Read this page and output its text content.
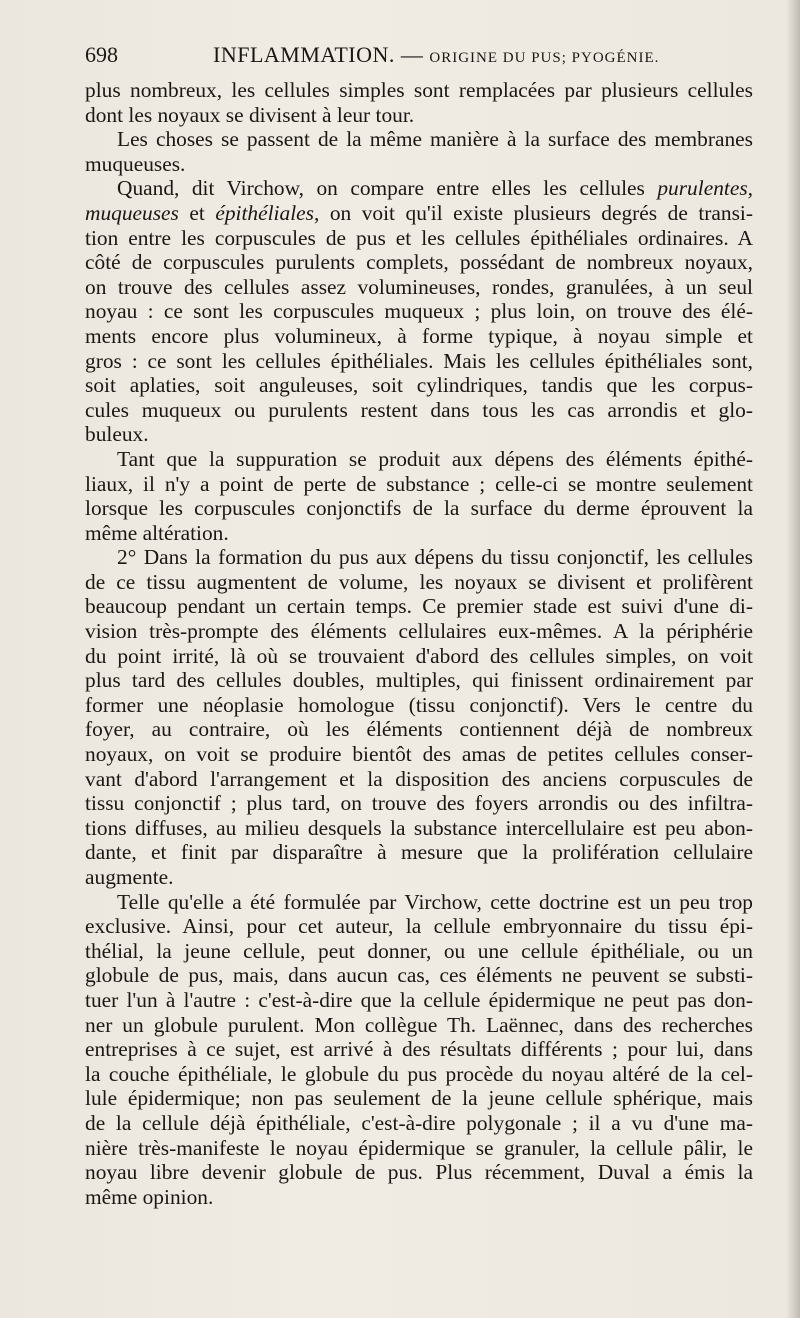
698	INFLAMMATION. — ORIGINE DU PUS; PYOGÉNIE.
plus nombreux, les cellules simples sont remplacées par plusieurs cellules
dont les noyaux se divisent à leur tour.
Les choses se passent de la même manière à la surface des membranes
muqueuses.
Quand, dit Virchow, on compare entre elles les cellules purulentes,
muqueuses et épithéliales, on voit qu'il existe plusieurs degrés de transi-
tion entre les corpuscules de pus et les cellules épithéliales ordinaires. A
côté de corpuscules purulents complets, possédant de nombreux noyaux,
on trouve des cellules assez volumineuses, rondes, granulées, à un seul
noyau : ce sont les corpuscules muqueux ; plus loin, on trouve des élé-
ments encore plus volumineux, à forme typique, à noyau simple et
gros : ce sont les cellules épithéliales. Mais les cellules épithéliales sont,
soit aplaties, soit anguleuses, soit cylindriques, tandis que les corpus-
cules muqueux ou purulents restent dans tous les cas arrondis et glo-
buleux.
Tant que la suppuration se produit aux dépens des éléments épithé-
liaux, il n'y a point de perte de substance ; celle-ci se montre seulement
lorsque les corpuscules conjonctifs de la surface du derme éprouvent la
même altération.
2° Dans la formation du pus aux dépens du tissu conjonctif, les cellules
de ce tissu augmentent de volume, les noyaux se divisent et prolifèrent
beaucoup pendant un certain temps. Ce premier stade est suivi d'une di-
vision très-prompte des éléments cellulaires eux-mêmes. A la périphérie
du point irrité, là où se trouvaient d'abord des cellules simples, on voit
plus tard des cellules doubles, multiples, qui finissent ordinairement par
former une néoplasie homologue (tissu conjonctif). Vers le centre du
foyer, au contraire, où les éléments contiennent déjà de nombreux
noyaux, on voit se produire bientôt des amas de petites cellules conser-
vant d'abord l'arrangement et la disposition des anciens corpuscules de
tissu conjonctif ; plus tard, on trouve des foyers arrondis ou des infiltra-
tions diffuses, au milieu desquels la substance intercellulaire est peu abon-
dante, et finit par disparaître à mesure que la prolifération cellulaire
augmente.
Telle qu'elle a été formulée par Virchow, cette doctrine est un peu trop
exclusive. Ainsi, pour cet auteur, la cellule embryonnaire du tissu épi-
thélial, la jeune cellule, peut donner, ou une cellule épithéliale, ou un
globule de pus, mais, dans aucun cas, ces éléments ne peuvent se substi-
tuer l'un à l'autre : c'est-à-dire que la cellule épidermique ne peut pas don-
ner un globule purulent. Mon collègue Th. Laënnec, dans des recherches
entreprises à ce sujet, est arrivé à des résultats différents ; pour lui, dans
la couche épithéliale, le globule du pus procède du noyau altéré de la cel-
lule épidermique; non pas seulement de la jeune cellule sphérique, mais
de la cellule déjà épithéliale, c'est-à-dire polygonale ; il a vu d'une ma-
nière très-manifeste le noyau épidermique se granuler, la cellule pâlir, le
noyau libre devenir globule de pus. Plus récemment, Duval a émis la
même opinion.
